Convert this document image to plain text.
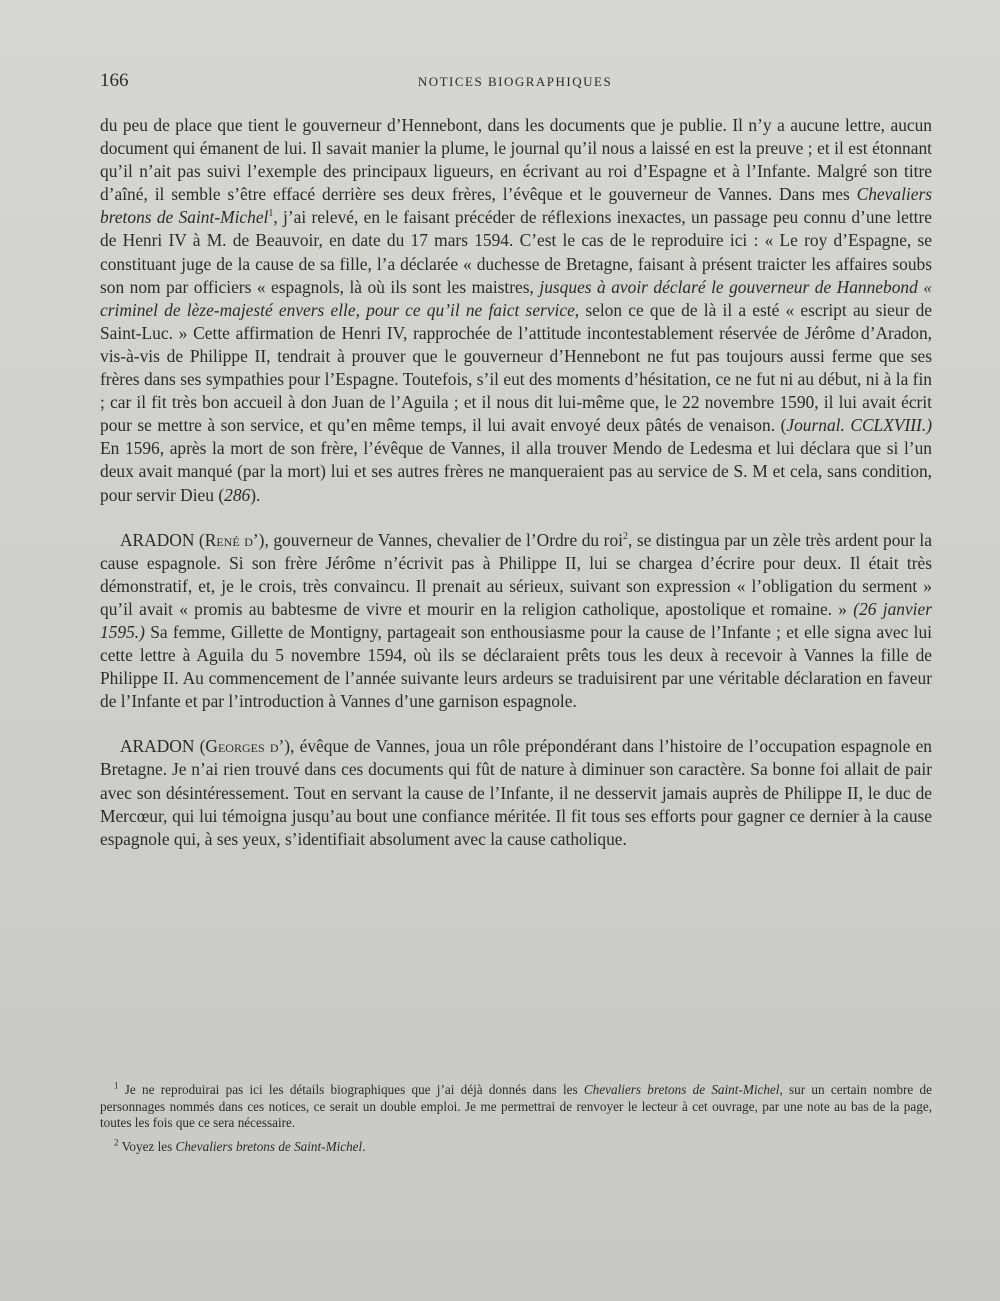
166	NOTICES BIOGRAPHIQUES

du peu de place que tient le gouverneur d’Hennebont, dans les documents que je publie. Il n’y a aucune lettre, aucun document qui émanent de lui. Il savait manier la plume, le journal qu’il nous a laissé en est la preuve ; et il est étonnant qu’il n’ait pas suivi l’exemple des principaux ligueurs, en écrivant au roi d’Espagne et à l’Infante. Malgré son titre d’aîné, il semble s’être effacé derrière ses deux frères, l’évêque et le gouverneur de Vannes. Dans mes Chevaliers bretons de Saint-Michel$^1$, j’ai relevé, en le faisant précéder de réflexions inexactes, un passage peu connu d’une lettre de Henri IV à M. de Beauvoir, en date du 17 mars 1594. C’est le cas de le reproduire ici : « Le roy d’Espagne, se constituant juge de la cause de sa fille, l’a déclarée « duchesse de Bretagne, faisant à présent traicter les affaires soubs son nom par officiers « espagnols, là où ils sont les maistres, jusques à avoir déclaré le gouverneur de Hannebond « criminel de lèze-majesté envers elle, pour ce qu’il ne faict service, selon ce que de là il a esté « escript au sieur de Saint-Luc. » Cette affirmation de Henri IV, rapprochée de l’attitude incontestablement réservée de Jérôme d’Aradon, vis-à-vis de Philippe II, tendrait à prouver que le gouverneur d’Hennebont ne fut pas toujours aussi ferme que ses frères dans ses sympathies pour l’Espagne. Toutefois, s’il eut des moments d’hésitation, ce ne fut ni au début, ni à la fin ; car il fit très bon accueil à don Juan de l’Aguila ; et il nous dit lui-même que, le 22 novembre 1590, il lui avait écrit pour se mettre à son service, et qu’en même temps, il lui avait envoyé deux pâtés de venaison. (Journal. CCLXVIII.) En 1596, après la mort de son frère, l’évêque de Vannes, il alla trouver Mendo de Ledesma et lui déclara que si l’un deux avait manqué (par la mort) lui et ses autres frères ne manqueraient pas au service de S. M et cela, sans condition, pour servir Dieu (286).

ARADON (René d’), gouverneur de Vannes, chevalier de l’Ordre du roi$^2$, se distingua par un zèle très ardent pour la cause espagnole. Si son frère Jérôme n’écrivit pas à Philippe II, lui se chargea d’écrire pour deux. Il était très démonstratif, et, je le crois, très convaincu. Il prenait au sérieux, suivant son expression « l’obligation du serment » qu’il avait « promis au babtesme de vivre et mourir en la religion catholique, apostolique et romaine. » (26 janvier 1595.) Sa femme, Gillette de Montigny, partageait son enthousiasme pour la cause de l’Infante ; et elle signa avec lui cette lettre à Aguila du 5 novembre 1594, où ils se déclaraient prêts tous les deux à recevoir à Vannes la fille de Philippe II. Au commencement de l’année suivante leurs ardeurs se traduisirent par une véritable déclaration en faveur de l’Infante et par l’introduction à Vannes d’une garnison espagnole.

ARADON (Georges d’), évêque de Vannes, joua un rôle prépondérant dans l’histoire de l’occupation espagnole en Bretagne. Je n’ai rien trouvé dans ces documents qui fût de nature à diminuer son caractère. Sa bonne foi allait de pair avec son désintéressement. Tout en servant la cause de l’Infante, il ne desservit jamais auprès de Philippe II, le duc de Mercœur, qui lui témoigna jusqu’au bout une confiance méritée. Il fit tous ses efforts pour gagner ce dernier à la cause espagnole qui, à ses yeux, s’identifiait absolument avec la cause catholique.

$^1$ Je ne reproduirai pas ici les détails biographiques que j’ai déjà donnés dans les Chevaliers bretons de Saint-Michel, sur un certain nombre de personnages nommés dans ces notices, ce serait un double emploi. Je me permettrai de renvoyer le lecteur à cet ouvrage, par une note au bas de la page, toutes les fois que ce sera nécessaire.

$^2$ Voyez les Chevaliers bretons de Saint-Michel.
